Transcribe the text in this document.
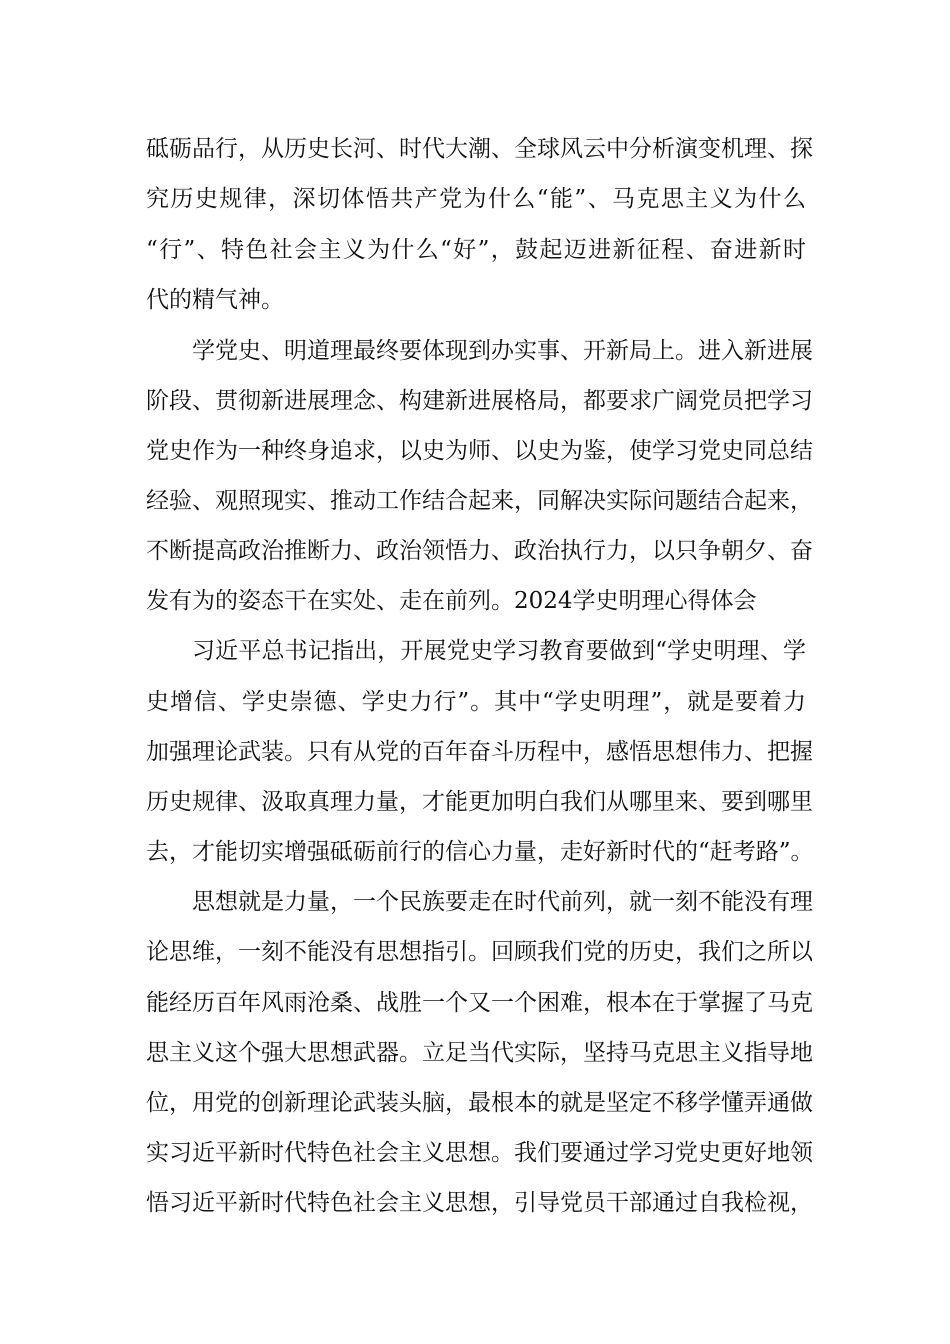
砥砺品行，从历史长河、时代大潮、全球风云中分析演变机理、探
究历史规律，深切体悟共产党为什么“能”、马克思主义为什么
“行”、特色社会主义为什么“好”，鼓起迈进新征程、奋进新时
代的精气神。
学党史、明道理最终要体现到办实事、开新局上。进入新进展
阶段、贯彻新进展理念、构建新进展格局，都要求广阔党员把学习
党史作为一种终身追求，以史为师、以史为鉴，使学习党史同总结
经验、观照现实、推动工作结合起来，同解决实际问题结合起来，
不断提高政治推断力、政治领悟力、政治执行力，以只争朝夕、奋
发有为的姿态干在实处、走在前列。2024学史明理心得体会
习近平总书记指出，开展党史学习教育要做到“学史明理、学
史增信、学史崇德、学史力行”。其中“学史明理”，就是要着力
加强理论武装。只有从党的百年奋斗历程中，感悟思想伟力、把握
历史规律、汲取真理力量，才能更加明白我们从哪里来、要到哪里
去，才能切实增强砥砺前行的信心力量，走好新时代的“赶考路”。
思想就是力量，一个民族要走在时代前列，就一刻不能没有理
论思维，一刻不能没有思想指引。回顾我们党的历史，我们之所以
能经历百年风雨沧桑、战胜一个又一个困难，根本在于掌握了马克
思主义这个强大思想武器。立足当代实际，坚持马克思主义指导地
位，用党的创新理论武装头脑，最根本的就是坚定不移学懂弄通做
实习近平新时代特色社会主义思想。我们要通过学习党史更好地领
悟习近平新时代特色社会主义思想，引导党员干部通过自我检视，
